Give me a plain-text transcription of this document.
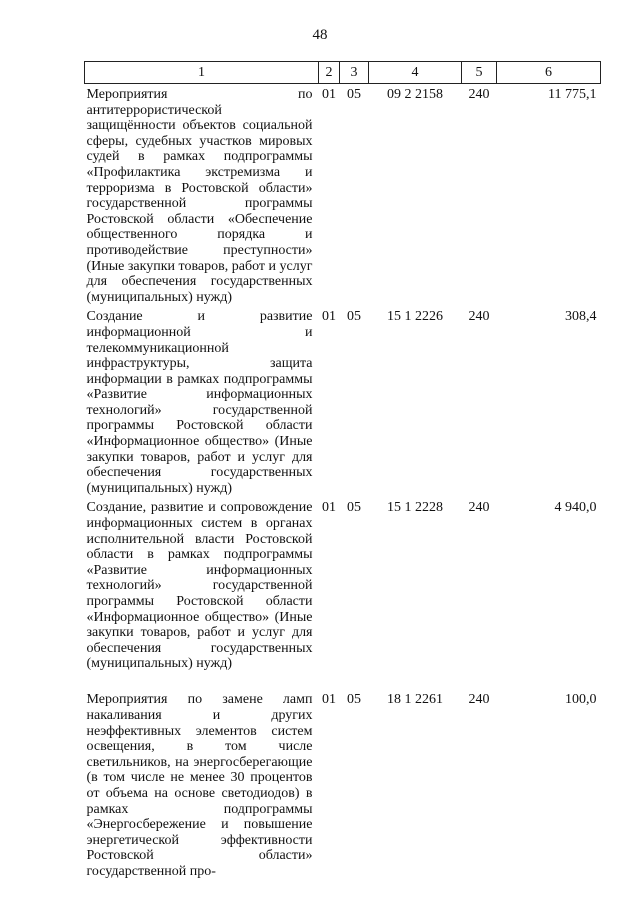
48
1	2	3	4	5	6
Мероприятия по антитеррористической защищённости объектов социальной сферы, судебных участков мировых судей в рамках подпрограммы «Профилактика экстремизма и терроризма в Ростовской области» государственной программы Ростовской области «Обеспечение общественного порядка и противодействие преступности» (Иные закупки товаров, работ и услуг для обеспечения государственных (муниципальных) нужд)	01	05	09 2 2158	240	11 775,1
Создание и развитие информационной и телекоммуникационной инфраструктуры, защита информации в рамках подпрограммы «Развитие информационных технологий» государственной программы Ростовской области «Информационное общество» (Иные закупки товаров, работ и услуг для обеспечения государственных (муниципальных) нужд)	01	05	15 1 2226	240	308,4
Создание, развитие и сопровождение информационных систем в органах исполнительной власти Ростовской области в рамках подпрограммы «Развитие информационных технологий» государственной программы Ростовской области «Информационное общество» (Иные закупки товаров, работ и услуг для обеспечения государственных (муниципальных) нужд)	01	05	15 1 2228	240	4 940,0
Мероприятия по замене ламп накаливания и других неэффективных элементов систем освещения, в том числе светильников, на энергосберегающие (в том числе не менее 30 процентов от объема на основе светодиодов) в рамках подпрограммы «Энергосбережение и повышение энергетической эффективности Ростовской области» государственной про-	01	05	18 1 2261	240	100,0
